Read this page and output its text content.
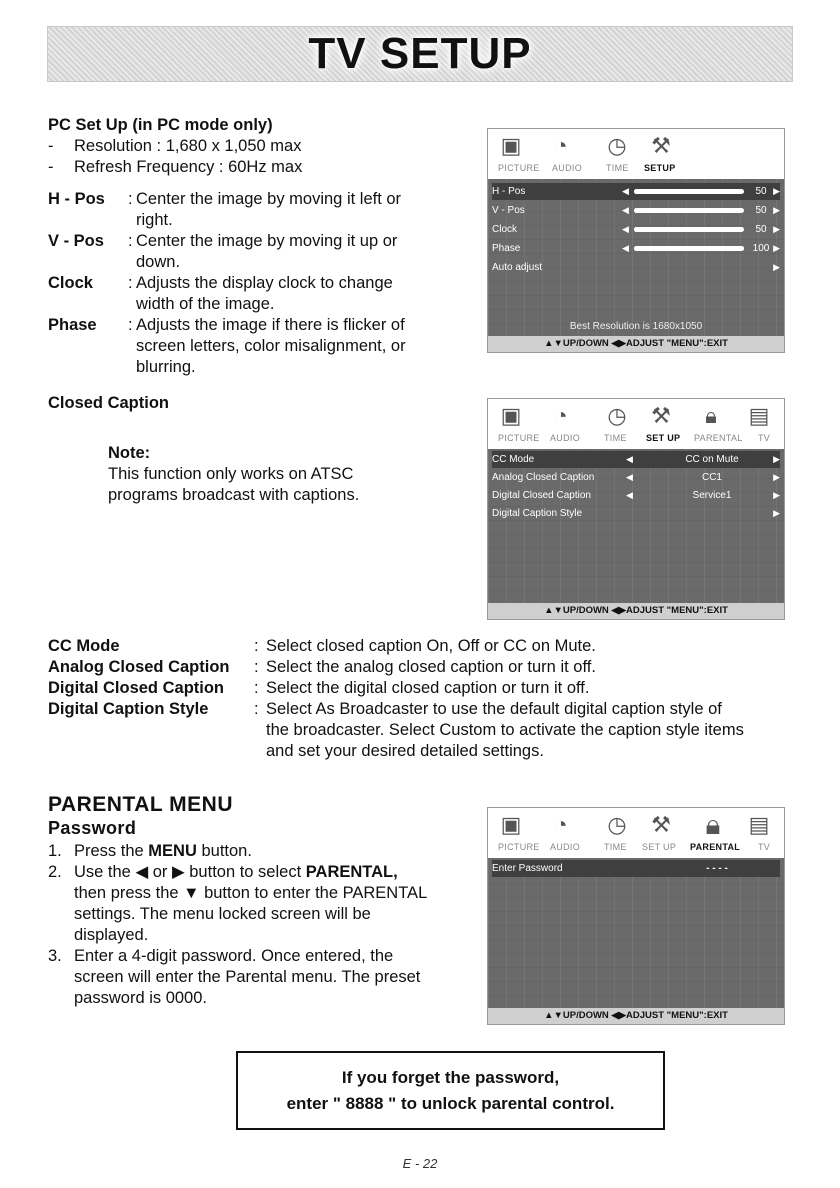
TV SETUP
PC Set Up (in PC mode only)
- Resolution : 1,680 x 1,050 max
- Refresh Frequency : 60Hz max
H - Pos : Center the image by moving it left or
right.
V - Pos : Center the image by moving it up or
down.
Clock : Adjusts the display clock to change
width of the image.
Phase : Adjusts the image if there is flicker of
screen letters, color misalignment, or
blurring.
▣ ◔ ◷ ⚒
PICTURE AUDIO	TIME SETUP
H - Pos	◀	50 ▶
V - Pos	◀	50 ▶
Clock	◀	50 ▶
Phase	◀	100 ▶
Auto adjust	▶
Best Resolution is 1680x1050
▲▼UP/DOWN ◀▶ADJUST "MENU":EXIT
Closed Caption
Note:
This function only works on ATSC
programs broadcast with captions.
▣ ◔ ◷ ⚒	🔒︎	▤
PICTURE AUDIO	TIME SET UP PARENTAL TV
CC Mode	◀	CC on Mute	▶
Analog Closed Caption	◀	CC1	▶
Digital Closed Caption	◀	Service1	▶
Digital Caption Style	▶
▲▼UP/DOWN ◀▶ADJUST "MENU":EXIT
CC Mode	: Select closed caption On, Off or CC on Mute.
Analog Closed Caption : Select the analog closed caption or turn it off.
Digital Closed Caption : Select the digital closed caption or turn it off.
Digital Caption Style	: Select As Broadcaster to use the default digital caption style of
the broadcaster. Select Custom to activate the caption style items
and set your desired detailed settings.
PARENTAL MENU
Password
1. Press the MENU button.
2. Use the ◀ or ▶ button to select PARENTAL,
then press the ▼ button to enter the PARENTAL
settings. The menu locked screen will be
displayed.
3. Enter a 4-digit password. Once entered, the
screen will enter the Parental menu. The preset
password is 0000.
▣ ◔ ◷ ⚒	🔒︎	▤
PICTURE AUDIO	TIME SET UP PARENTAL TV
Enter Password	- - - -
▲▼UP/DOWN ◀▶ADJUST "MENU":EXIT
If you forget the password,
enter " 8888 " to unlock parental control.
E - 22
